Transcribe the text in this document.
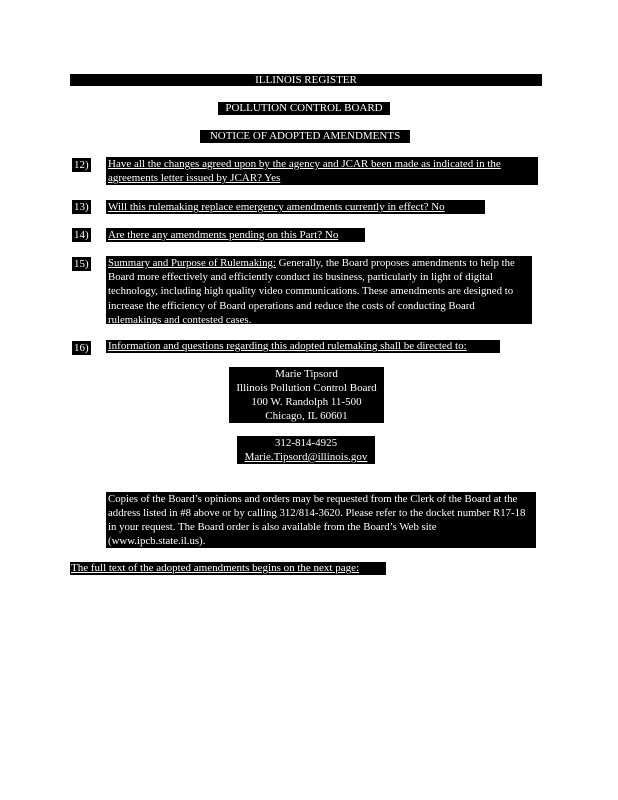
ILLINOIS REGISTER
POLLUTION CONTROL BOARD
NOTICE OF ADOPTED AMENDMENTS
12) Have all the changes agreed upon by the agency and JCAR been made as indicated in the agreements letter issued by JCAR? Yes
13) Will this rulemaking replace emergency amendments currently in effect? No
14) Are there any amendments pending on this Part? No
15) Summary and Purpose of Rulemaking: Generally, the Board proposes amendments to help the Board more effectively and efficiently conduct its business, particularly in light of digital technology, including high quality video communications. These amendments are designed to increase the efficiency of Board operations and reduce the costs of conducting Board rulemakings and contested cases.
16) Information and questions regarding this adopted rulemaking shall be directed to:
Marie Tipsord
Illinois Pollution Control Board
100 W. Randolph 11-500
Chicago, IL 60601
312-814-4925
Marie.Tipsord@illinois.gov
Copies of the Board’s opinions and orders may be requested from the Clerk of the Board at the address listed in #8 above or by calling 312/814-3620. Please refer to the docket number R17-18 in your request. The Board order is also available from the Board’s Web site (www.ipcb.state.il.us).
The full text of the adopted amendments begins on the next page:
